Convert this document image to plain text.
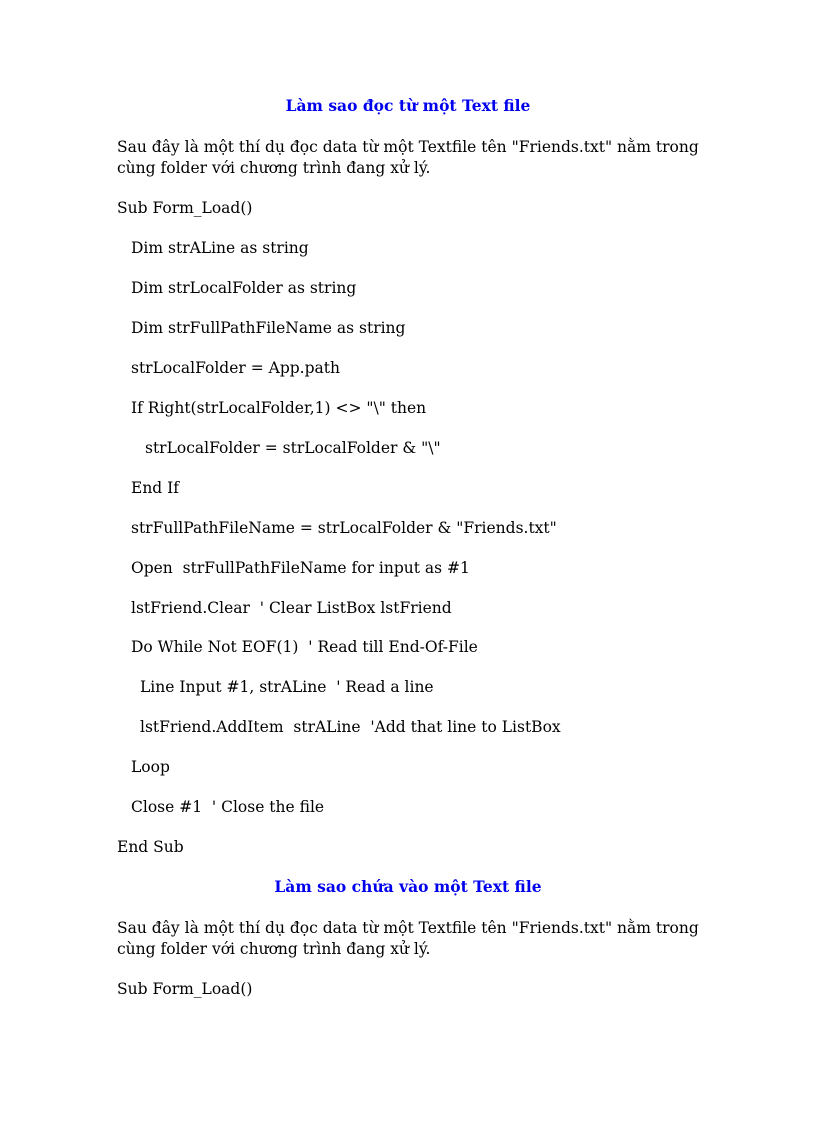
Làm sao đọc từ một Text file

Sau đây là một thí dụ đọc data từ một Textfile tên "Friends.txt" nằm trong

cùng folder với chương trình đang xử lý.

Sub Form_Load()
Dim strALine as string
Dim strLocalFolder as string
Dim strFullPathFileName as string
strLocalFolder = App.path
If Right(strLocalFolder,1) <> "\" then
strLocalFolder = strLocalFolder & "\"
End If
strFullPathFileName = strLocalFolder & "Friends.txt"
Open  strFullPathFileName for input as #1
lstFriend.Clear  ' Clear ListBox lstFriend
Do While Not EOF(1)  ' Read till End-Of-File
Line Input #1, strALine  ' Read a line
lstFriend.AddItem  strALine  'Add that line to ListBox
Loop
Close #1  ' Close the file
End Sub
Làm sao chứa vào một Text file

Sau đây là một thí dụ đọc data từ một Textfile tên "Friends.txt" nằm trong

cùng folder với chương trình đang xử lý.

Sub Form_Load()
